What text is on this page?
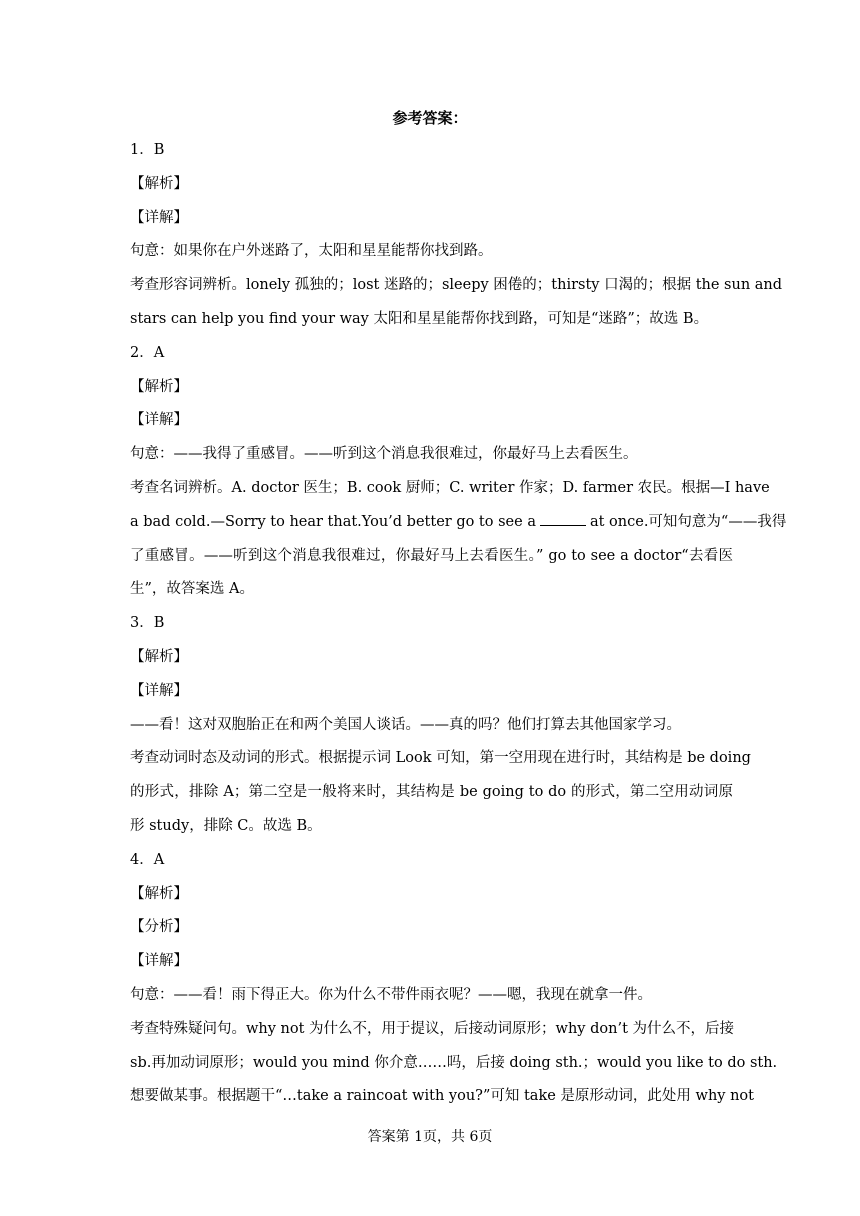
参考答案：
1．B
【解析】
【详解】
句意：如果你在户外迷路了，太阳和星星能帮你找到路。
考查形容词辨析。lonely 孤独的；lost 迷路的；sleepy 困倦的；thirsty 口渴的；根据 the sun and
stars can help you find your way 太阳和星星能帮你找到路，可知是“迷路”；故选 B。
2．A
【解析】
【详解】
句意：——我得了重感冒。——听到这个消息我很难过，你最好马上去看医生。
考查名词辨析。A. doctor 医生；B. cook 厨师；C. writer 作家；D. farmer 农民。根据—I have
a bad cold.—Sorry to hear that.You’d better go to see a	at once.可知句意为“——我得
了重感冒。——听到这个消息我很难过，你最好马上去看医生。” go to see a doctor“去看医
生”，故答案选 A。
3．B
【解析】
【详解】
——看！这对双胞胎正在和两个美国人谈话。——真的吗？他们打算去其他国家学习。
考查动词时态及动词的形式。根据提示词 Look 可知，第一空用现在进行时，其结构是 be doing
的形式，排除 A；第二空是一般将来时，其结构是 be going to do 的形式，第二空用动词原
形 study，排除 C。故选 B。
4．A
【解析】
【分析】
【详解】
句意：——看！雨下得正大。你为什么不带件雨衣呢？——嗯，我现在就拿一件。
考查特殊疑问句。why not 为什么不，用于提议，后接动词原形；why don’t 为什么不，后接
sb.再加动词原形；would you mind 你介意……吗，后接 doing sth.；would you like to do sth.
想要做某事。根据题干“…take a raincoat with you?”可知 take 是原形动词，此处用 why not
答案第 1页，共 6页
